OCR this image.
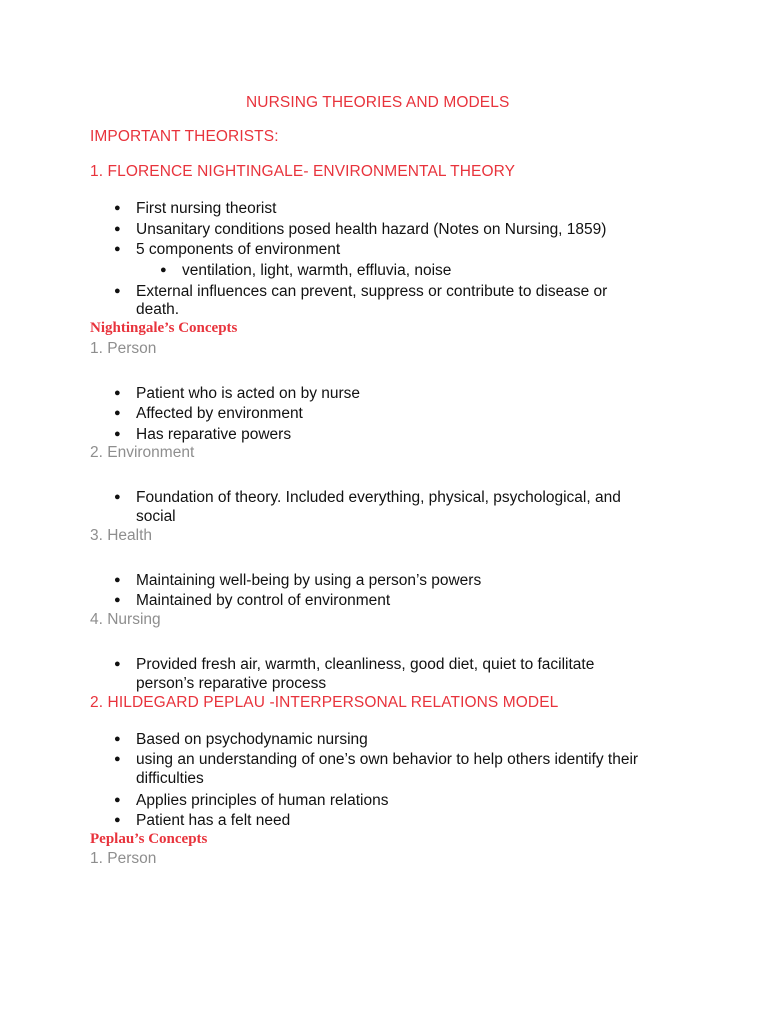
NURSING THEORIES AND MODELS
IMPORTANT THEORISTS:
1. FLORENCE NIGHTINGALE- ENVIRONMENTAL THEORY
● First nursing theorist
● Unsanitary conditions posed health hazard (Notes on Nursing, 1859)
● 5 components of environment
● ventilation, light, warmth, effluvia, noise
● External influences can prevent, suppress or contribute to disease or
death.
Nightingale’s Concepts
1. Person
● Patient who is acted on by nurse
● Affected by environment
● Has reparative powers
2. Environment
● Foundation of theory. Included everything, physical, psychological, and
social
3. Health
● Maintaining well-being by using a person’s powers
● Maintained by control of environment
4. Nursing
● Provided fresh air, warmth, cleanliness, good diet, quiet to facilitate
person’s reparative process
2. HILDEGARD PEPLAU -INTERPERSONAL RELATIONS MODEL
● Based on psychodynamic nursing
● using an understanding of one’s own behavior to help others identify their
difficulties
● Applies principles of human relations
● Patient has a felt need
Peplau’s Concepts
1. Person
